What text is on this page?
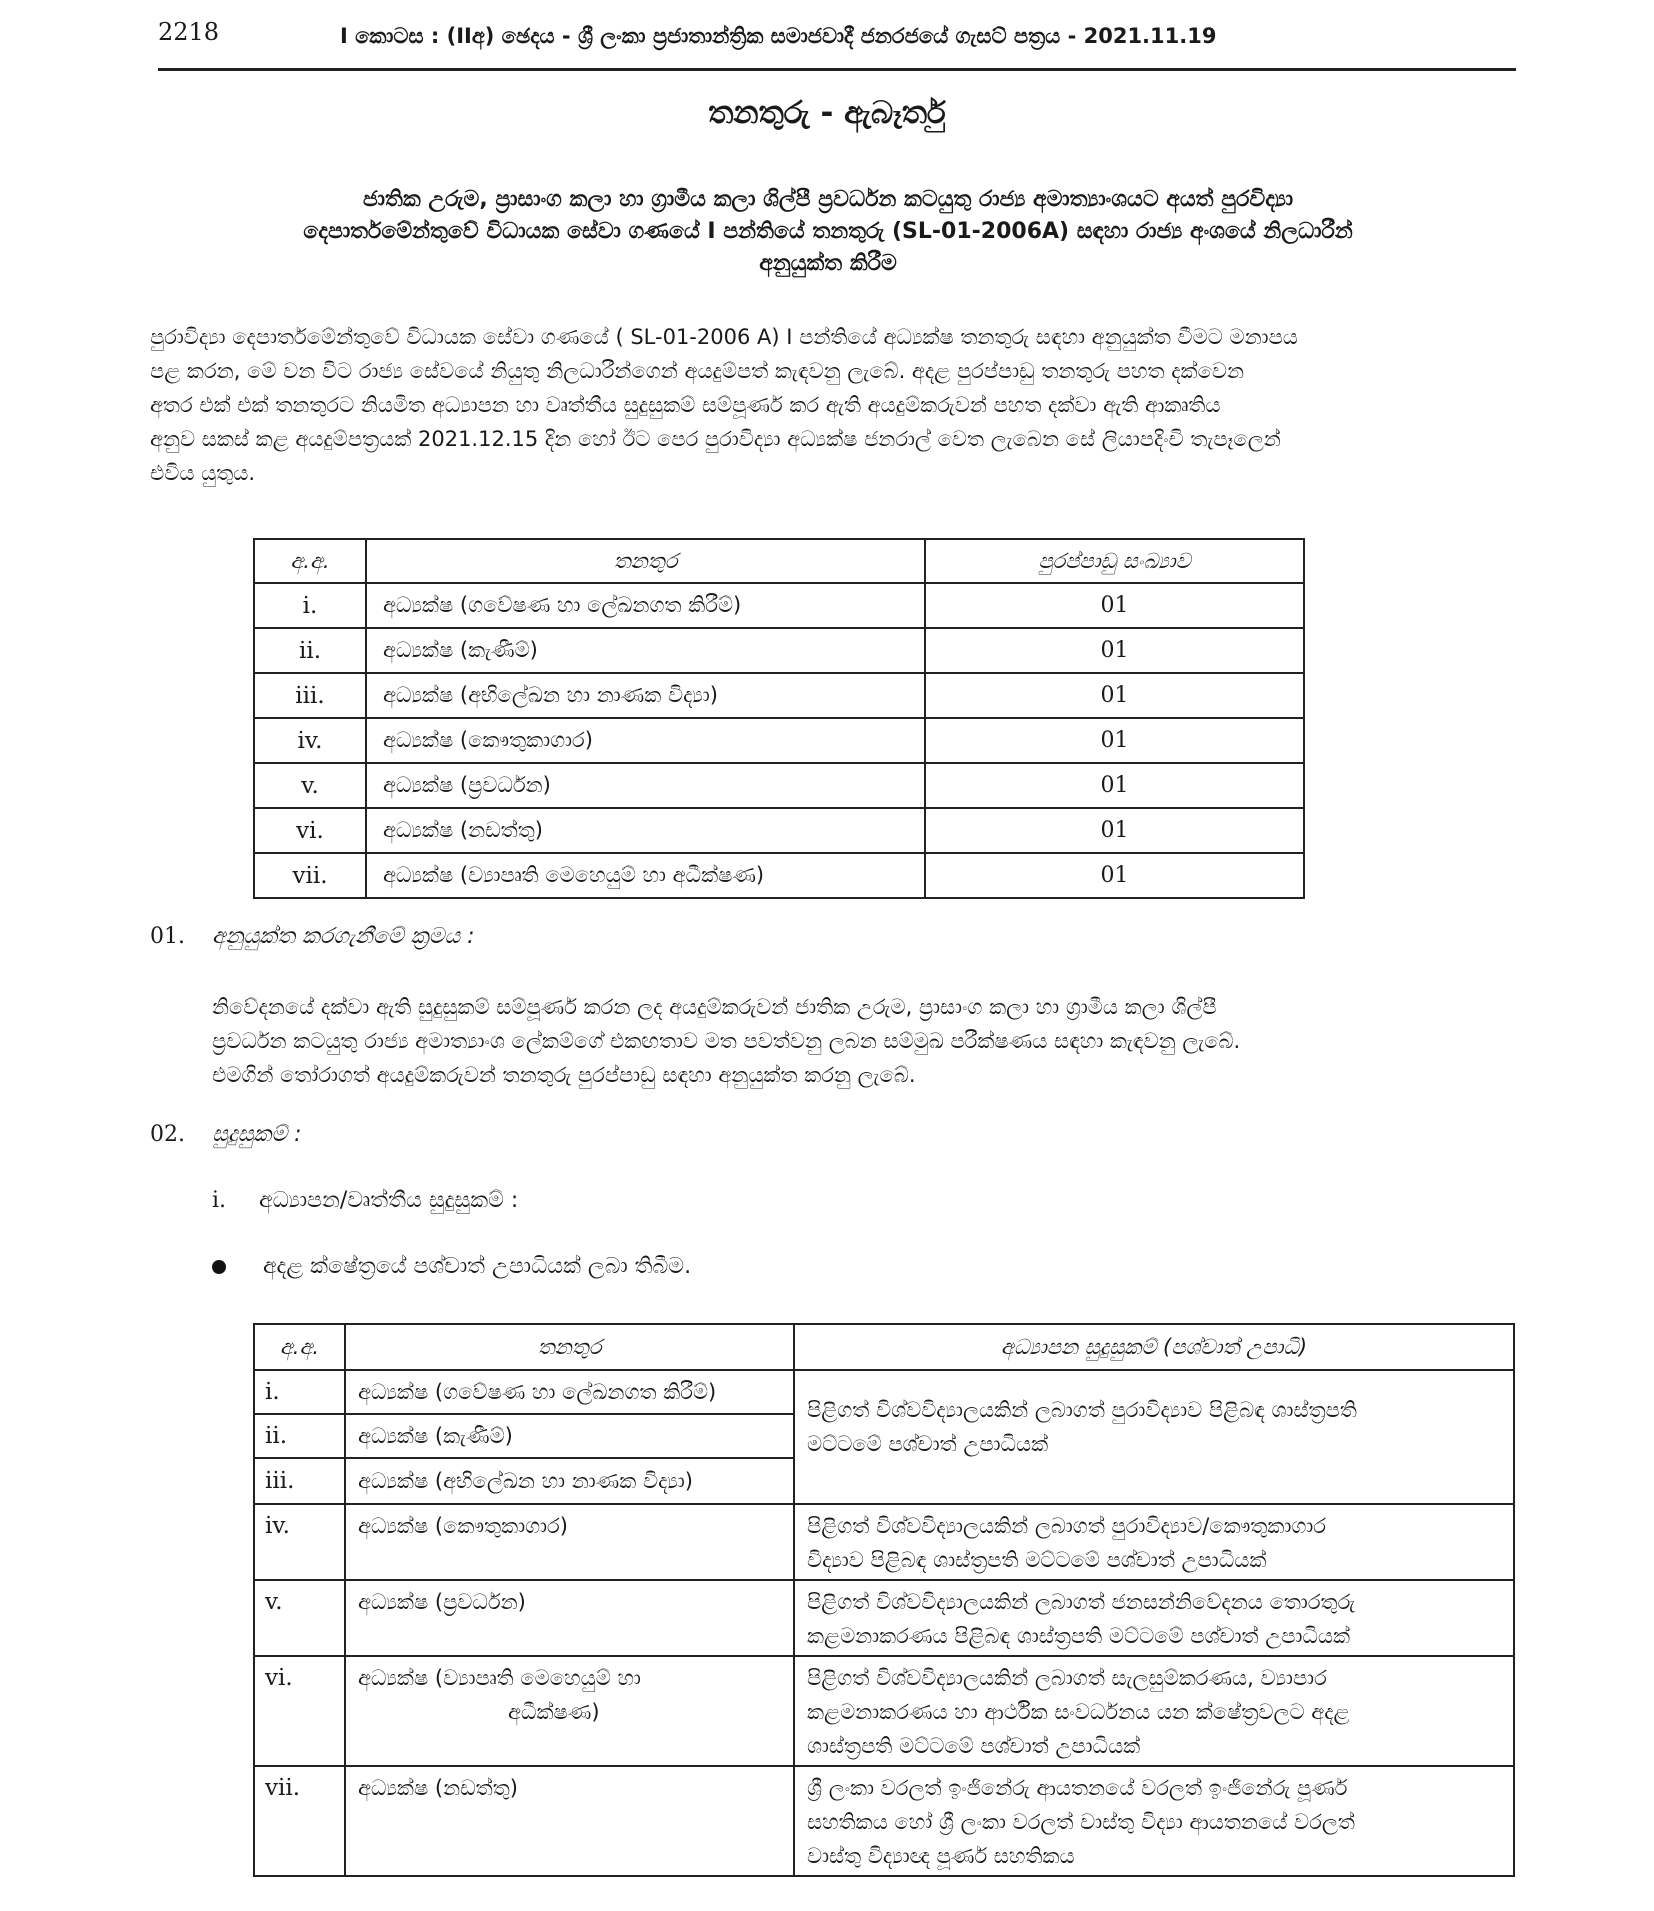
2218	I කොටස : (IIඅ) ඡෙදය - ශ්‍රී ලංකා ප්‍රජාතාන්ත්‍රික සමාජවාදී ජනරජයේ ගැසට් පත්‍රය - 2021.11.19
තනතුරු - ඇබෑර්තු
ජාතික උරුම, ප්‍රාසාංග කලා හා ග්‍රාමීය කලා ශිල්පී ප්‍රවර්ධන කටයුතු රාජ්‍ය අමාත්‍යාංශයට අයත් පුරවිද්‍යා
දෙපාර්තමේන්තුවේ විධායක සේවා ගණයේ I පන්තියේ තනතුරු (SL-01-2006A) සඳහා රාජ්‍ය අංශයේ නිලධාරීන්
අනුයුක්ත කිරීම
පුරාවිද්‍යා දෙපාර්තමේන්තුවේ විධායක සේවා ගණයේ ( SL-01-2006 A) I පන්තියේ අධ්‍යක්ෂ තනතුරු සඳහා අනුයුක්ත වීමට මනාපය
පළ කරන, මේ වන විට රාජ්‍ය සේවයේ නියුතු නිලධාරීන්ගෙන් අයදුම්පත් කැඳවනු ලැබේ. අදළ පුරප්පාඩු තනතුරු පහත දක්වෙන
අතර එක් එක් තනතුරට නියමිත අධ්‍යාපන හා වෘත්තීය සුදුසුකම් සම්පූර්ණ කර ඇති අයදුම්කරුවන් පහත දක්වා ඇති ආකෘතිය
අනුව සකස් කළ අයදුම්පත්‍රයක් 2021.12.15 දින හෝ ඊට පෙර පුරාවිද්‍යා අධ්‍යක්ෂ ජනරාල් වෙත ලැබෙන සේ ලියාපදිංචි තැපෑලෙන්
එවිය යුතුය.
අ.අ.	තනතුර	පුරප්පාඩු සංඛ්‍යාව
i.	අධ්‍යක්ෂ (ගවේෂණ හා ලේඛනගත කිරීම්)	01
ii.	අධ්‍යක්ෂ (කැණීම්)	01
iii.	අධ්‍යක්ෂ (අභිලේඛන හා නාණක විද්‍යා)	01
iv.	අධ්‍යක්ෂ (කෞතුකාගාර)	01
v.	අධ්‍යක්ෂ (ප්‍රවර්ධන)	01
vi.	අධ්‍යක්ෂ (නඩත්තු)	01
vii.	අධ්‍යක්ෂ (ව්‍යාපෘති මෙහෙයුම් හා අධීක්ෂණ)	01
01. අනුයුක්ත කරගැනීමේ ක්‍රමය :
නිවේදනයේ දක්වා ඇති සුදුසුකම් සම්පූර්ණ කරන ලද අයදුම්කරුවන් ජාතික උරුම, ප්‍රාසාංග කලා හා ග්‍රාමීය කලා ශිල්පී
ප්‍රවර්ධන කටයුතු රාජ්‍ය අමාත්‍යාංශ ලේකම්ගේ එකඟතාව මත පවත්වනු ලබන සම්මුඛ පරීක්ෂණය සඳහා කැඳවනු ලැබේ.
එමගින් තෝරාගත් අයදුම්කරුවන් තනතුරු පුරප්පාඩු සඳහා අනුයුක්ත කරනු ලැබේ.
02. සුදුසුකම් :
i. අධ්‍යාපන/වෘත්තීය සුදුසුකම් :
අදළ ක්ෂේත්‍රයේ පශ්චාත් උපාධියක් ලබා තිබීම.
අ.අ.	තනතුර	අධ්‍යාපන සුදුසුකම් (පශ්චාත් උපාධි)
i.	අධ්‍යක්ෂ (ගවේෂණ හා ලේඛනගත කිරීම්)	පිළිගත් විශ්වවිද්‍යාලයකින් ලබාගත් පුරාවිද්‍යාව පිළිබඳ ශාස්ත්‍රපති
මට්ටමේ පශ්චාත් උපාධියක්

ii.	අධ්‍යක්ෂ (කැණීම්)	
iii.	අධ්‍යක්ෂ (අභිලේඛන හා නාණක විද්‍යා)	
iv.	අධ්‍යක්ෂ (කෞතුකාගාර)	පිළිගත් විශ්වවිද්‍යාලයකින් ලබාගත් පුරාවිද්‍යාව/කෞතුකාගාර
විද්‍යාව පිළිබඳ ශාස්ත්‍රපති මට්ටමේ පශ්චාත් උපාධියක්

v.	අධ්‍යක්ෂ (ප්‍රවර්ධන)	පිළිගත් විශ්වවිද්‍යාලයකින් ලබාගත් ජනසන්නිවේදනය තොරතුරු
කළමනාකරණය පිළිබඳ ශාස්ත්‍රපති මට්ටමේ පශ්චාත් උපාධියක්

vi.	අධ්‍යක්ෂ (ව්‍යාපෘති මෙහෙයුම් හා
අධීක්ෂණ)	පිළිගත් විශ්වවිද්‍යාලයකින් ලබාගත් සැලසුම්කරණය, ව්‍යාපාර
කළමනාකරණය හා ආර්ථික සංවර්ධනය යන ක්ෂේත්‍රවලට අදළ
ශාස්ත්‍රපති මට්ටමේ පශ්චාත් උපාධියක්

vii.	අධ්‍යක්ෂ (නඩත්තු)	ශ්‍රී ලංකා වරලත් ඉංජිනේරු ආයතනයේ වරලත් ඉංජිනේරු පූර්ණ
සහතිකය හෝ ශ්‍රී ලංකා වරලත් වාස්තු විද්‍යා ආයතනයේ වරලත්
වාස්තු විද්‍යාඥ පූර්ණ සහතිකය
